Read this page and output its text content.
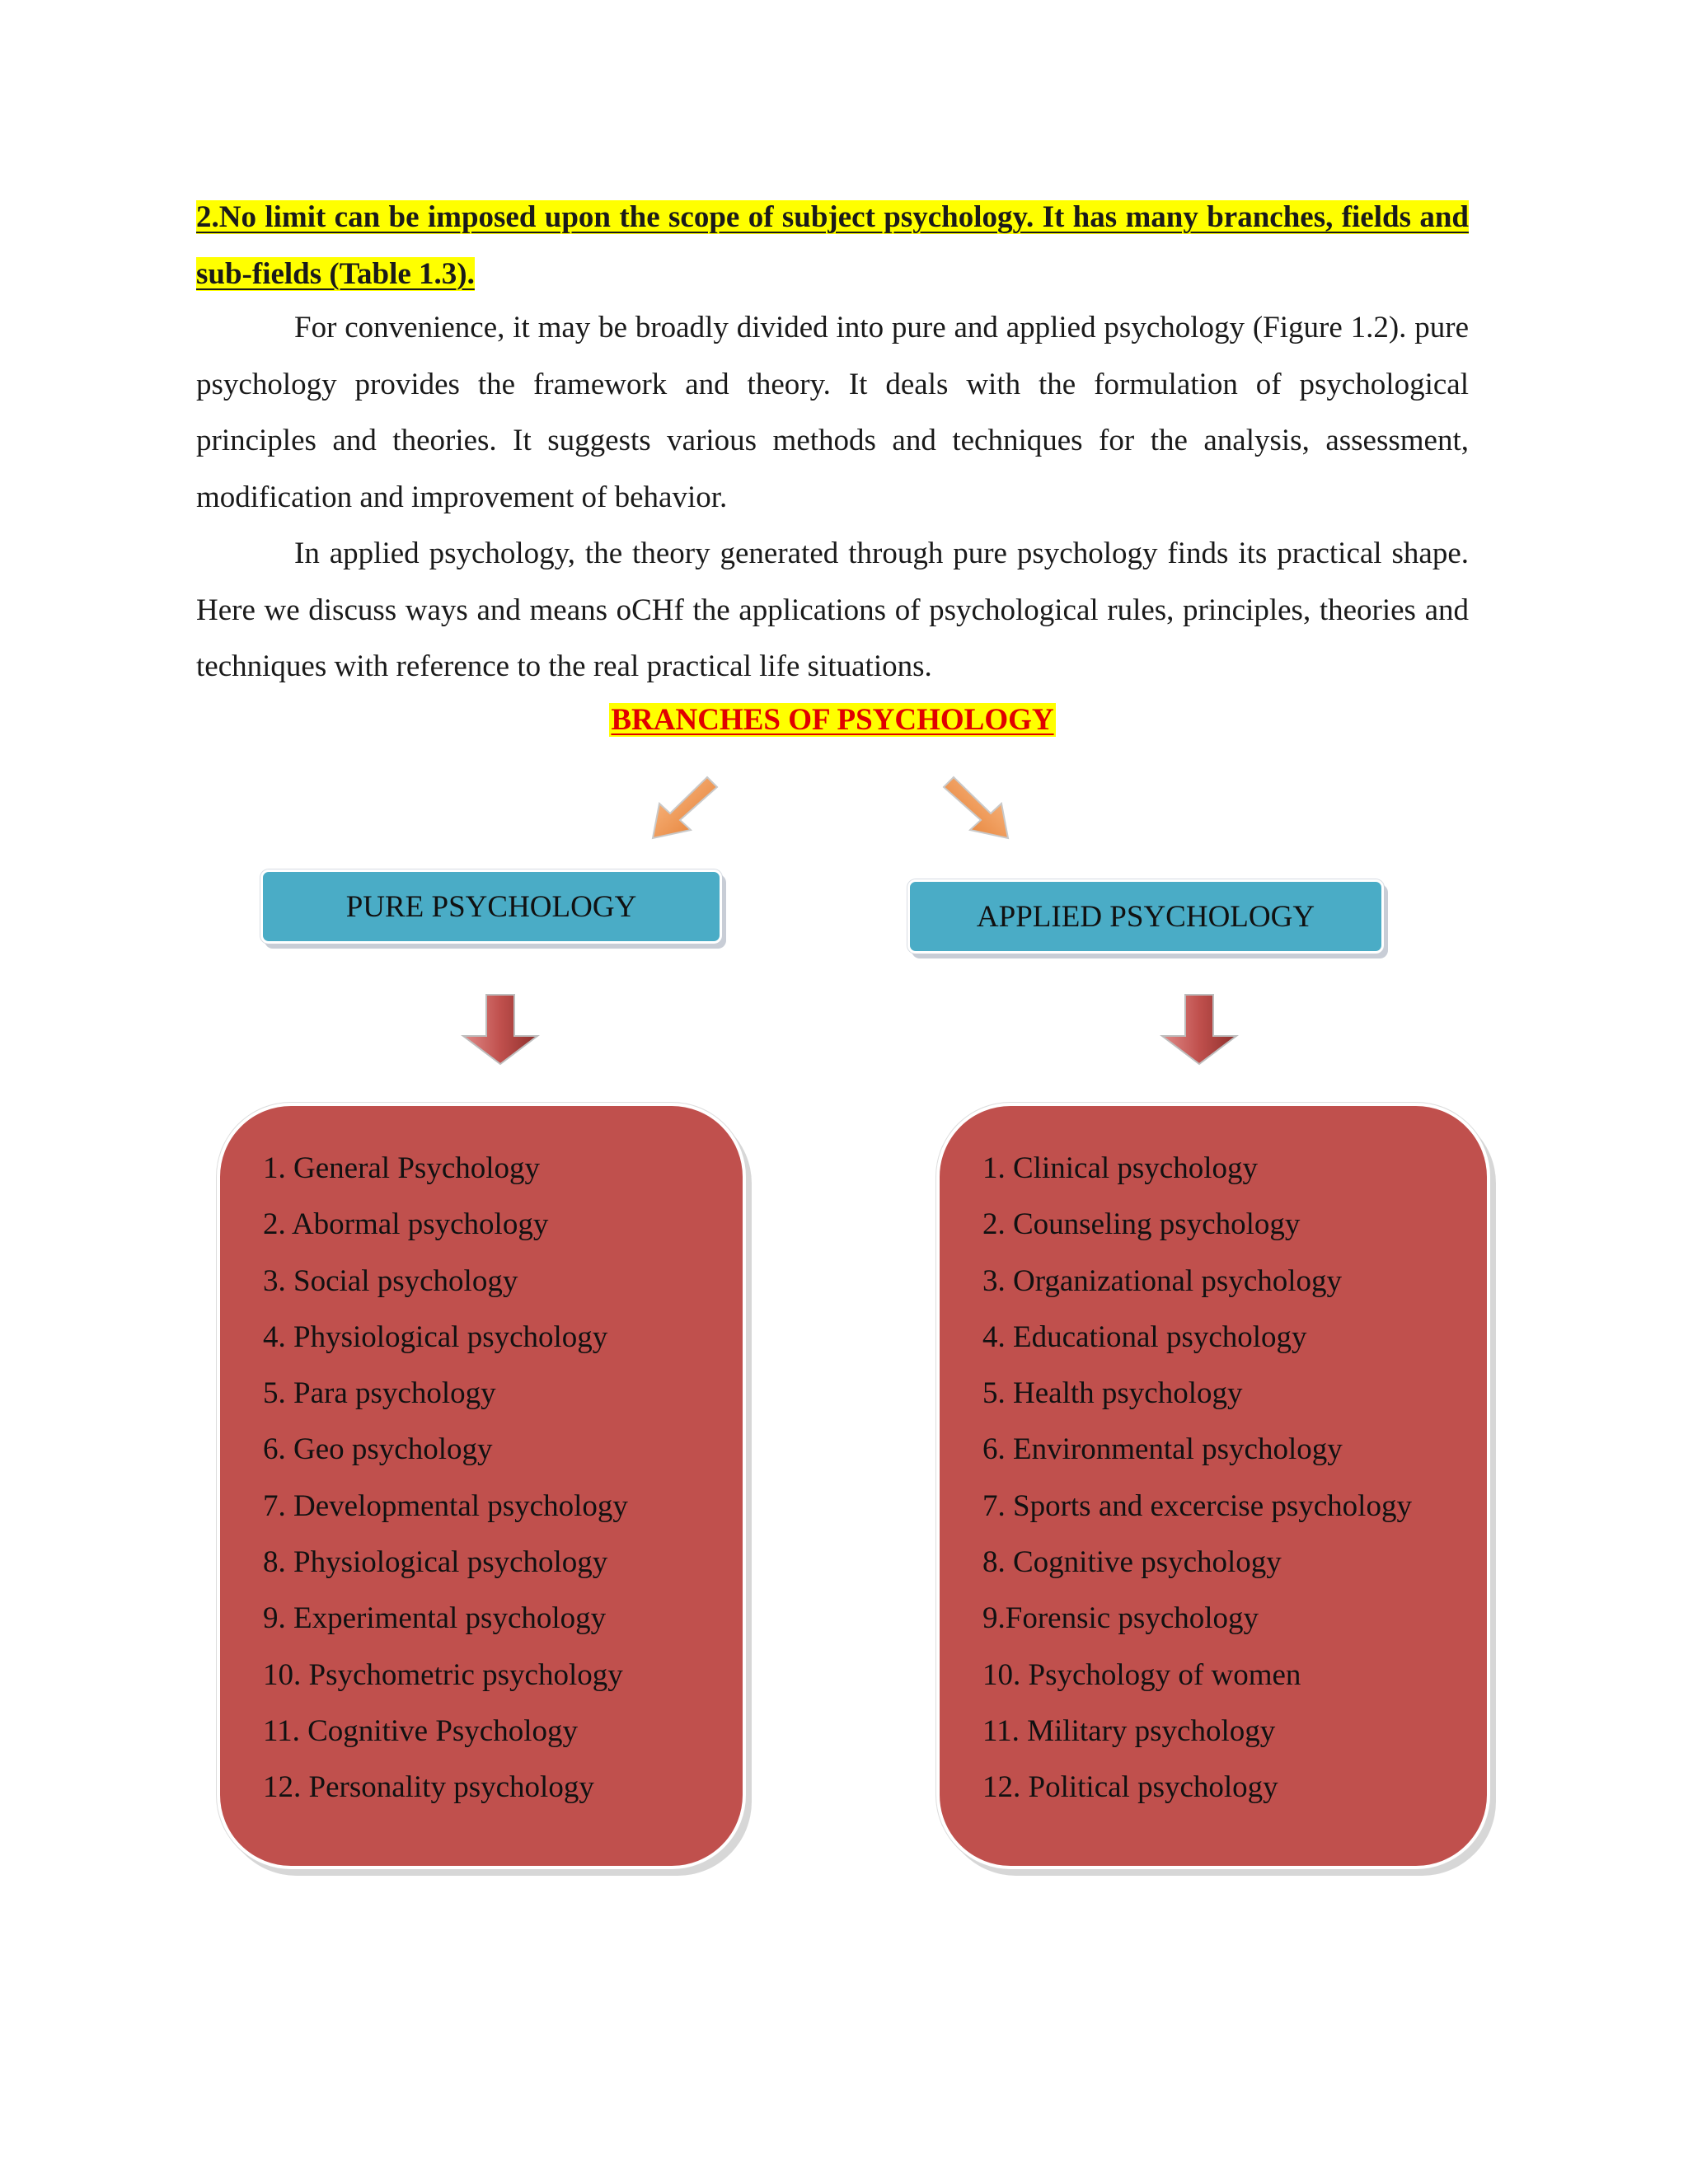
2.No limit can be imposed upon the scope of subject psychology. It has many branches, fields and sub-fields (Table 1.3).

For convenience, it may be broadly divided into pure and applied psychology (Figure 1.2). pure psychology provides the framework and theory. It deals with the formulation of psychological principles and theories. It suggests various methods and techniques for the analysis, assessment, modification and improvement of behavior.

In applied psychology, the theory generated through pure psychology finds its practical shape. Here we discuss ways and means oCHf the applications of psychological rules, principles, theories and techniques with reference to the real practical life situations.

BRANCHES OF PSYCHOLOGY
PURE PSYCHOLOGY	APPLIED PSYCHOLOGY
1. General Psychology
2. Abormal psychology
3. Social psychology
4. Physiological psychology
5. Para psychology
6. Geo psychology
7. Developmental psychology
8. Physiological psychology
9. Experimental psychology
10. Psychometric psychology
11. Cognitive Psychology
12. Personality psychology
1. Clinical psychology
2. Counseling psychology
3. Organizational psychology
4. Educational psychology
5. Health psychology
6. Environmental psychology
7. Sports and excercise psychology
8. Cognitive psychology
9.Forensic psychology
10. Psychology of women
11. Military psychology
12. Political psychology
